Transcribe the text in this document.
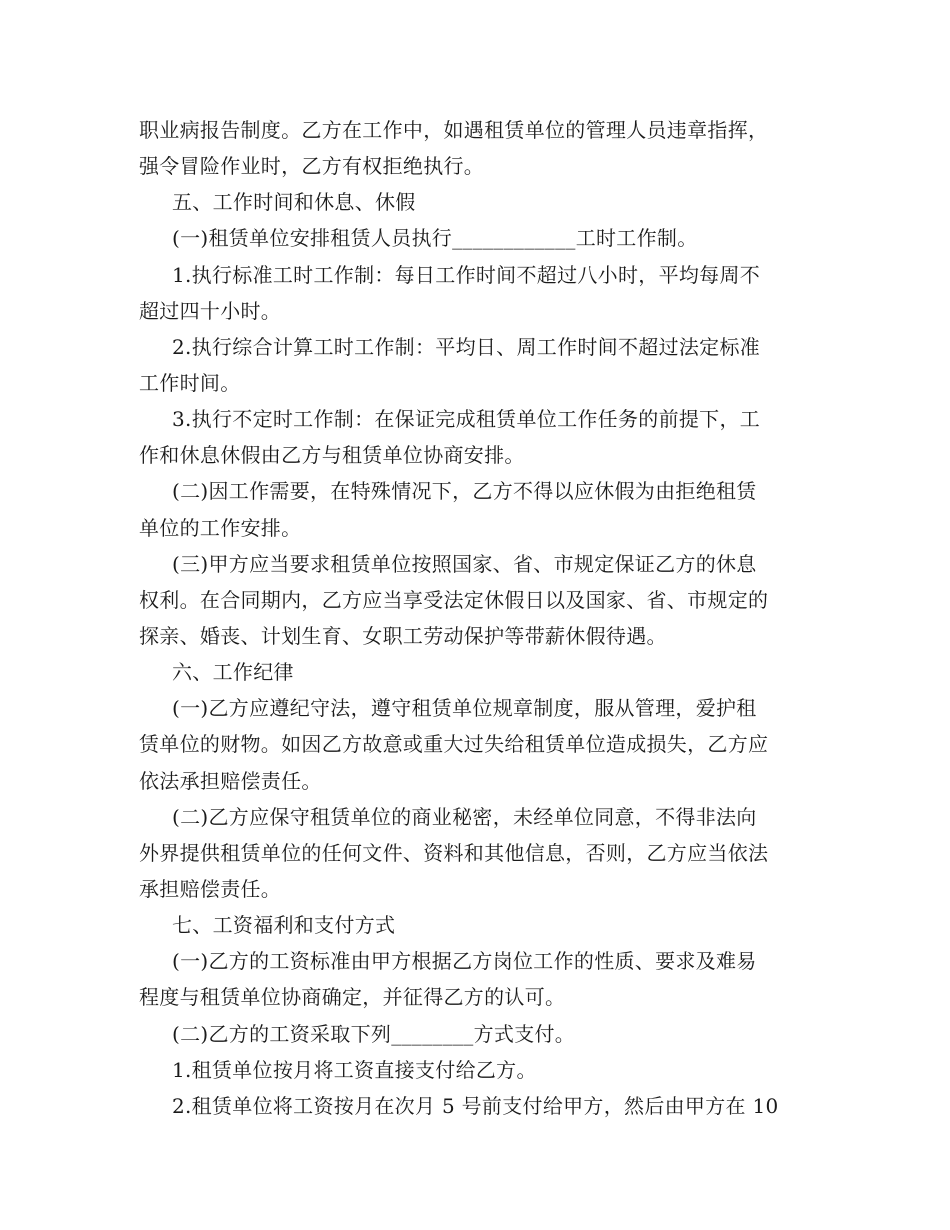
职业病报告制度。乙方在工作中，如遇租赁单位的管理人员违章指挥，
强令冒险作业时，乙方有权拒绝执行。
五、工作时间和休息、休假
(一)租赁单位安排租赁人员执行____________工时工作制。
1.执行标准工时工作制：每日工作时间不超过八小时，平均每周不
超过四十小时。
2.执行综合计算工时工作制：平均日、周工作时间不超过法定标准
工作时间。
3.执行不定时工作制：在保证完成租赁单位工作任务的前提下，工
作和休息休假由乙方与租赁单位协商安排。
(二)因工作需要，在特殊情况下，乙方不得以应休假为由拒绝租赁
单位的工作安排。
(三)甲方应当要求租赁单位按照国家、省、市规定保证乙方的休息
权利。在合同期内，乙方应当享受法定休假日以及国家、省、市规定的
探亲、婚丧、计划生育、女职工劳动保护等带薪休假待遇。
六、工作纪律
(一)乙方应遵纪守法，遵守租赁单位规章制度，服从管理，爱护租
赁单位的财物。如因乙方故意或重大过失给租赁单位造成损失，乙方应
依法承担赔偿责任。
(二)乙方应保守租赁单位的商业秘密，未经单位同意，不得非法向
外界提供租赁单位的任何文件、资料和其他信息，否则，乙方应当依法
承担赔偿责任。
七、工资福利和支付方式
(一)乙方的工资标准由甲方根据乙方岗位工作的性质、要求及难易
程度与租赁单位协商确定，并征得乙方的认可。
(二)乙方的工资采取下列________方式支付。
1.租赁单位按月将工资直接支付给乙方。
2.租赁单位将工资按月在次月 5 号前支付给甲方，然后由甲方在 10
